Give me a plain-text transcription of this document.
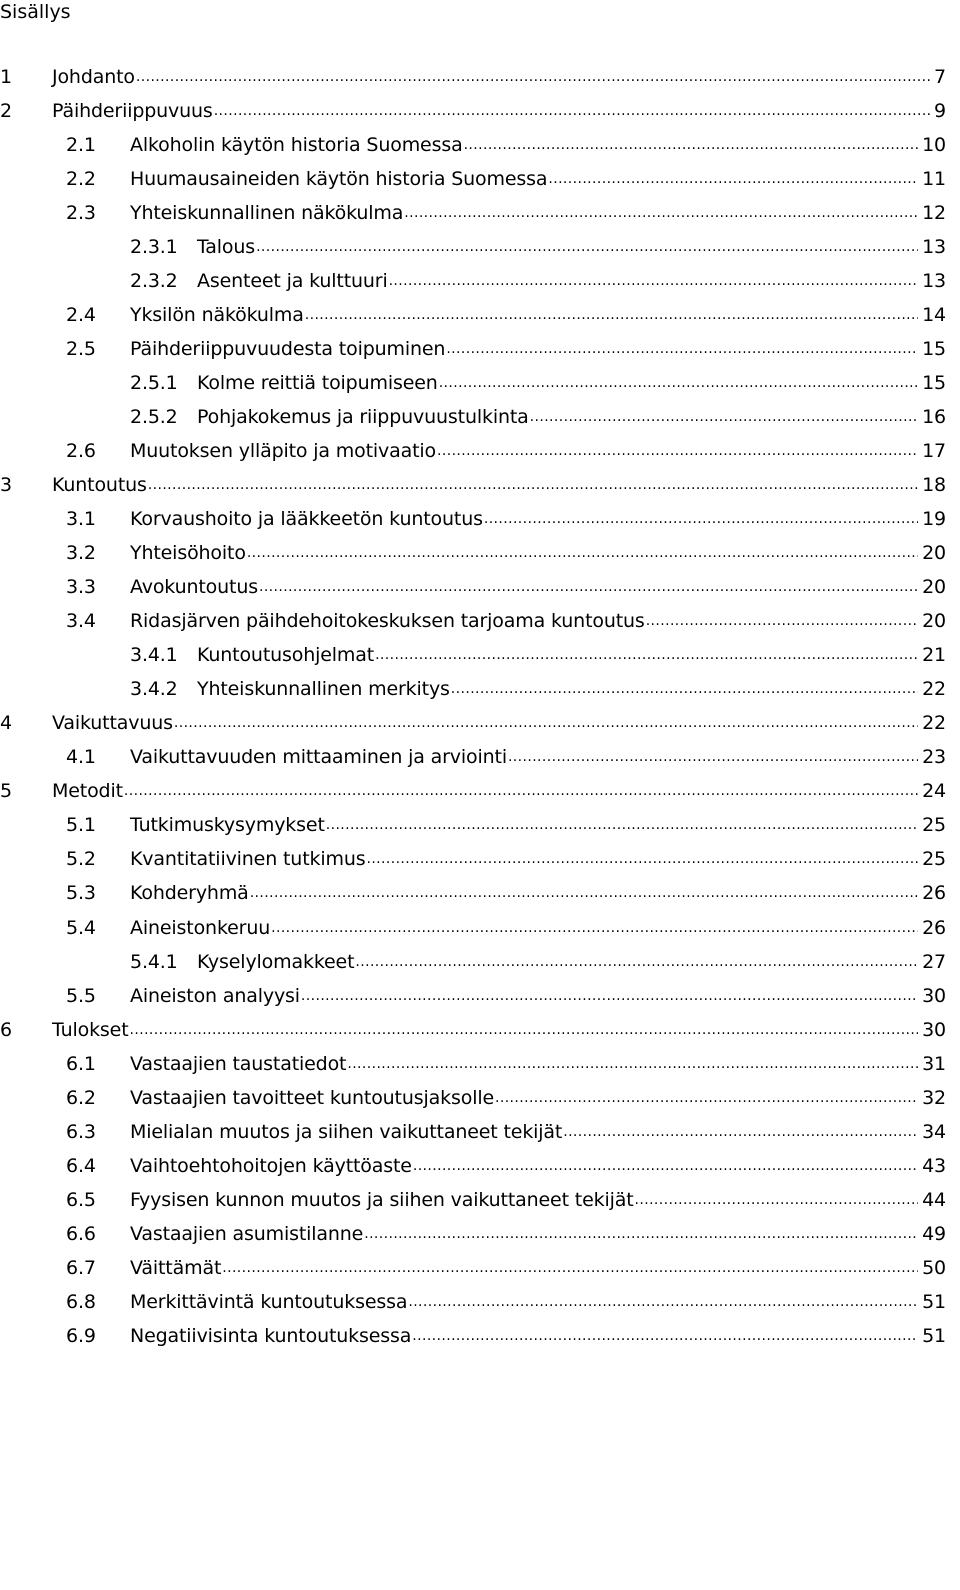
Sisällys
1 Johdanto .....	7
2 Päihderiippuvuus .....	9
2.1 Alkoholin käytön historia Suomessa .....	10
2.2 Huumausaineiden käytön historia Suomessa .....	11
2.3 Yhteiskunnallinen näkökulma .....	12
2.3.1 Talous .....	13
2.3.2 Asenteet ja kulttuuri .....	13
2.4 Yksilön näkökulma .....	14
2.5 Päihderiippuvuudesta toipuminen .....	15
2.5.1 Kolme reittiä toipumiseen .....	15
2.5.2 Pohjakokemus ja riippuvuustulkinta .....	16
2.6 Muutoksen ylläpito ja motivaatio .....	17
3 Kuntoutus .....	18
3.1 Korvaushoito ja lääkkeetön kuntoutus .....	19
3.2 Yhteisöhoito .....	20
3.3 Avokuntoutus .....	20
3.4 Ridasjärven päihdehoitokeskuksen tarjoama kuntoutus .....	20
3.4.1 Kuntoutusohjelmat .....	21
3.4.2 Yhteiskunnallinen merkitys .....	22
4 Vaikuttavuus .....	22
4.1 Vaikuttavuuden mittaaminen ja arviointi .....	23
5 Metodit .....	24
5.1 Tutkimuskysymykset .....	25
5.2 Kvantitatiivinen tutkimus .....	25
5.3 Kohderyhmä .....	26
5.4 Aineistonkeruu .....	26
5.4.1 Kyselylomakkeet .....	27
5.5 Aineiston analyysi .....	30
6 Tulokset .....	30
6.1 Vastaajien taustatiedot .....	31
6.2 Vastaajien tavoitteet kuntoutusjaksolle .....	32
6.3 Mielialan muutos ja siihen vaikuttaneet tekijät .....	34
6.4 Vaihtoehtohoitojen käyttöaste .....	43
6.5 Fyysisen kunnon muutos ja siihen vaikuttaneet tekijät .....	44
6.6 Vastaajien asumistilanne .....	49
6.7 Väittämät .....	50
6.8 Merkittävintä kuntoutuksessa .....	51
6.9 Negatiivisinta kuntoutuksessa .....	51
